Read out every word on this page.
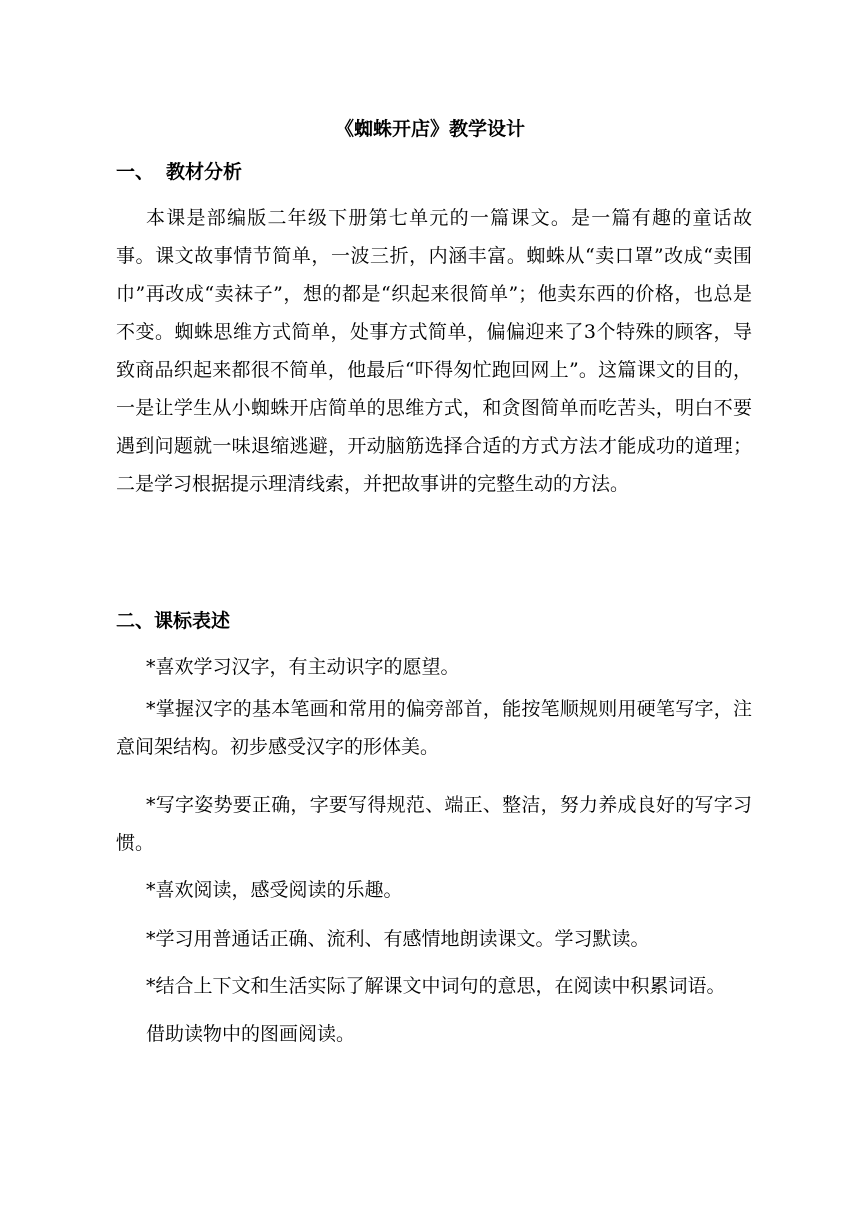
《蜘蛛开店》教学设计
一、 教材分析

本课是部编版二年级下册第七单元的一篇课文。是一篇有趣的童话故事。课文故事情节简单，一波三折，内涵丰富。蜘蛛从“卖口罩”改成“卖围巾”再改成“卖袜子”，想的都是“织起来很简单”；他卖东西的价格，也总是不变。蜘蛛思维方式简单，处事方式简单，偏偏迎来了3个特殊的顾客，导致商品织起来都很不简单，他最后“吓得匆忙跑回网上”。这篇课文的目的，一是让学生从小蜘蛛开店简单的思维方式，和贪图简单而吃苦头，明白不要遇到问题就一味退缩逃避，开动脑筋选择合适的方式方法才能成功的道理；二是学习根据提示理清线索，并把故事讲的完整生动的方法。

二、课标表述
*喜欢学习汉字，有主动识字的愿望。

*掌握汉字的基本笔画和常用的偏旁部首，能按笔顺规则用硬笔写字，注意间架结构。初步感受汉字的形体美。

*写字姿势要正确，字要写得规范、端正、整洁，努力养成良好的写字习惯。

*喜欢阅读，感受阅读的乐趣。
*学习用普通话正确、流利、有感情地朗读课文。学习默读。
*结合上下文和生活实际了解课文中词句的意思，在阅读中积累词语。
借助读物中的图画阅读。
